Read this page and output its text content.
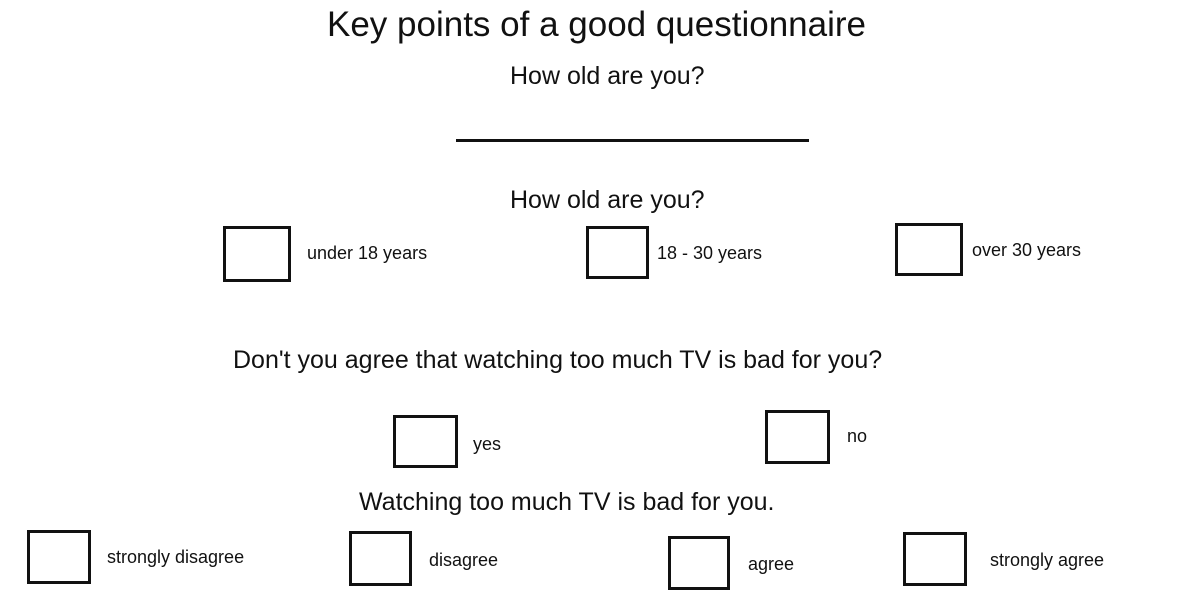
Key points of a good questionnaire
How old are you?
How old are you?
under 18 years	18 - 30 years	over 30 years
Don't you agree that watching too much TV is bad for you?
yes	no
Watching too much TV is bad for you.
strongly disagree	disagree	agree	strongly agree
